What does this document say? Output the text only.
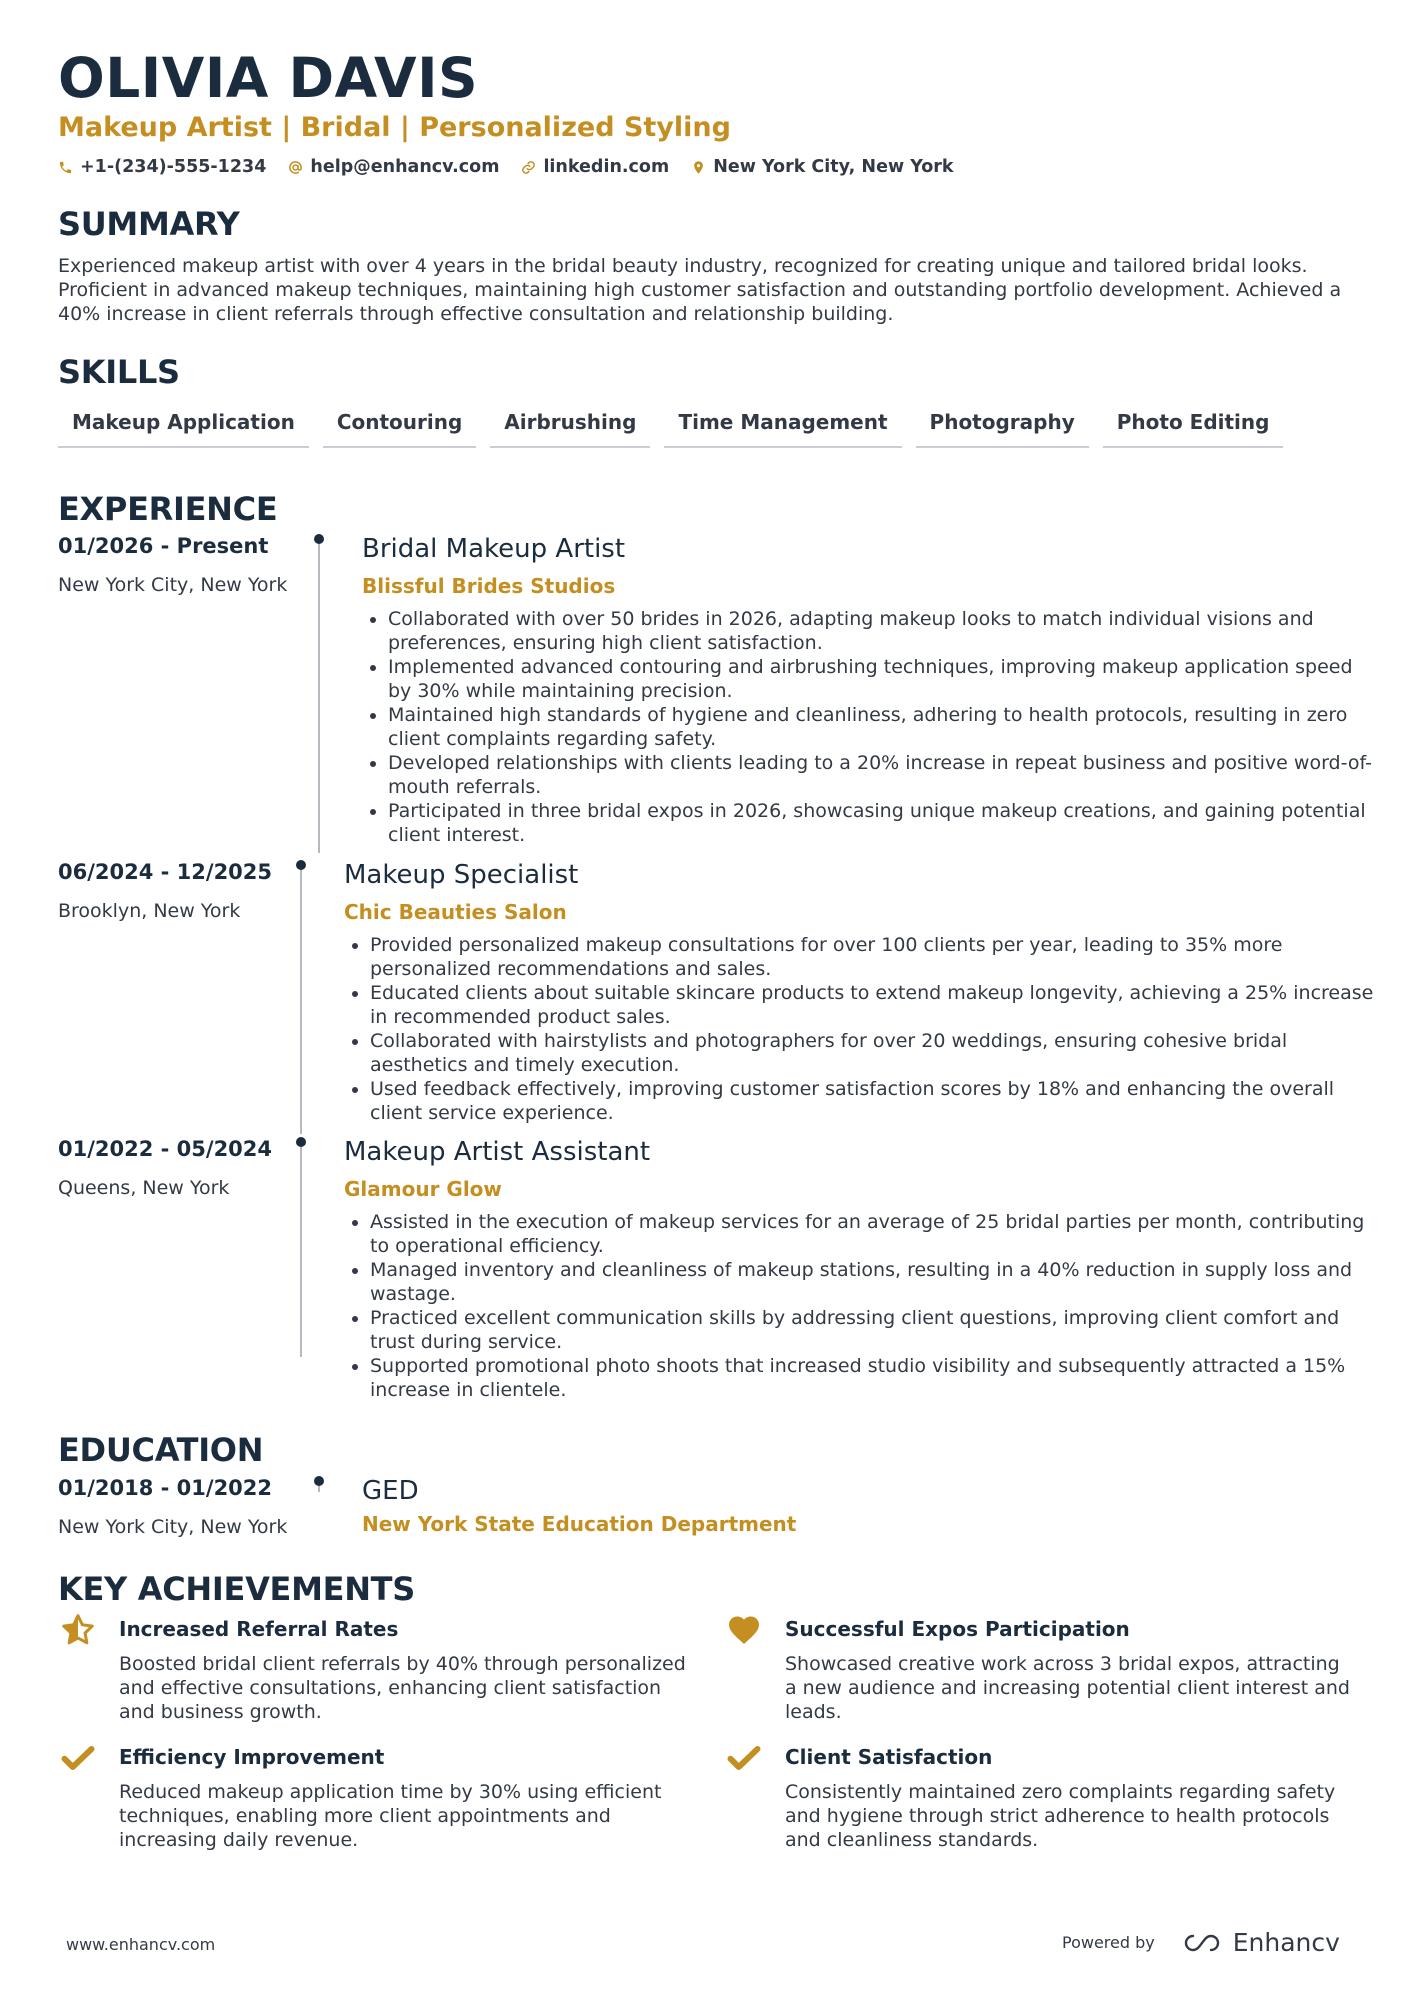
OLIVIA DAVIS
Makeup Artist | Bridal | Personalized Styling
+1-(234)-555-1234	help@enhancv.com	linkedin.com	New York City, New York
SUMMARY
Experienced makeup artist with over 4 years in the bridal beauty industry, recognized for creating unique and tailored bridal looks. Proficient in advanced makeup techniques, maintaining high customer satisfaction and outstanding portfolio development. Achieved a 40% increase in client referrals through effective consultation and relationship building.
SKILLS
Makeup Application	Contouring	Airbrushing	Time Management	Photography	Photo Editing
EXPERIENCE
01/2026 - Present
New York City, New York
Bridal Makeup Artist
Blissful Brides Studios
• Collaborated with over 50 brides in 2026, adapting makeup looks to match individual visions and preferences, ensuring high client satisfaction.
• Implemented advanced contouring and airbrushing techniques, improving makeup application speed by 30% while maintaining precision.
• Maintained high standards of hygiene and cleanliness, adhering to health protocols, resulting in zero client complaints regarding safety.
• Developed relationships with clients leading to a 20% increase in repeat business and positive word-of-mouth referrals.
• Participated in three bridal expos in 2026, showcasing unique makeup creations, and gaining potential client interest.
06/2024 - 12/2025
Brooklyn, New York
Makeup Specialist
Chic Beauties Salon
• Provided personalized makeup consultations for over 100 clients per year, leading to 35% more personalized recommendations and sales.
• Educated clients about suitable skincare products to extend makeup longevity, achieving a 25% increase in recommended product sales.
• Collaborated with hairstylists and photographers for over 20 weddings, ensuring cohesive bridal aesthetics and timely execution.
• Used feedback effectively, improving customer satisfaction scores by 18% and enhancing the overall client service experience.
01/2022 - 05/2024
Queens, New York
Makeup Artist Assistant
Glamour Glow
• Assisted in the execution of makeup services for an average of 25 bridal parties per month, contributing to operational efficiency.
• Managed inventory and cleanliness of makeup stations, resulting in a 40% reduction in supply loss and wastage.
• Practiced excellent communication skills by addressing client questions, improving client comfort and trust during service.
• Supported promotional photo shoots that increased studio visibility and subsequently attracted a 15% increase in clientele.
EDUCATION
01/2018 - 01/2022
New York City, New York
GED
New York State Education Department
KEY ACHIEVEMENTS
Increased Referral Rates
Boosted bridal client referrals by 40% through personalized and effective consultations, enhancing client satisfaction and business growth.
Successful Expos Participation
Showcased creative work across 3 bridal expos, attracting a new audience and increasing potential client interest and leads.
Efficiency Improvement
Reduced makeup application time by 30% using efficient techniques, enabling more client appointments and increasing daily revenue.
Client Satisfaction
Consistently maintained zero complaints regarding safety and hygiene through strict adherence to health protocols and cleanliness standards.
www.enhancv.com	Powered by	Enhancv
